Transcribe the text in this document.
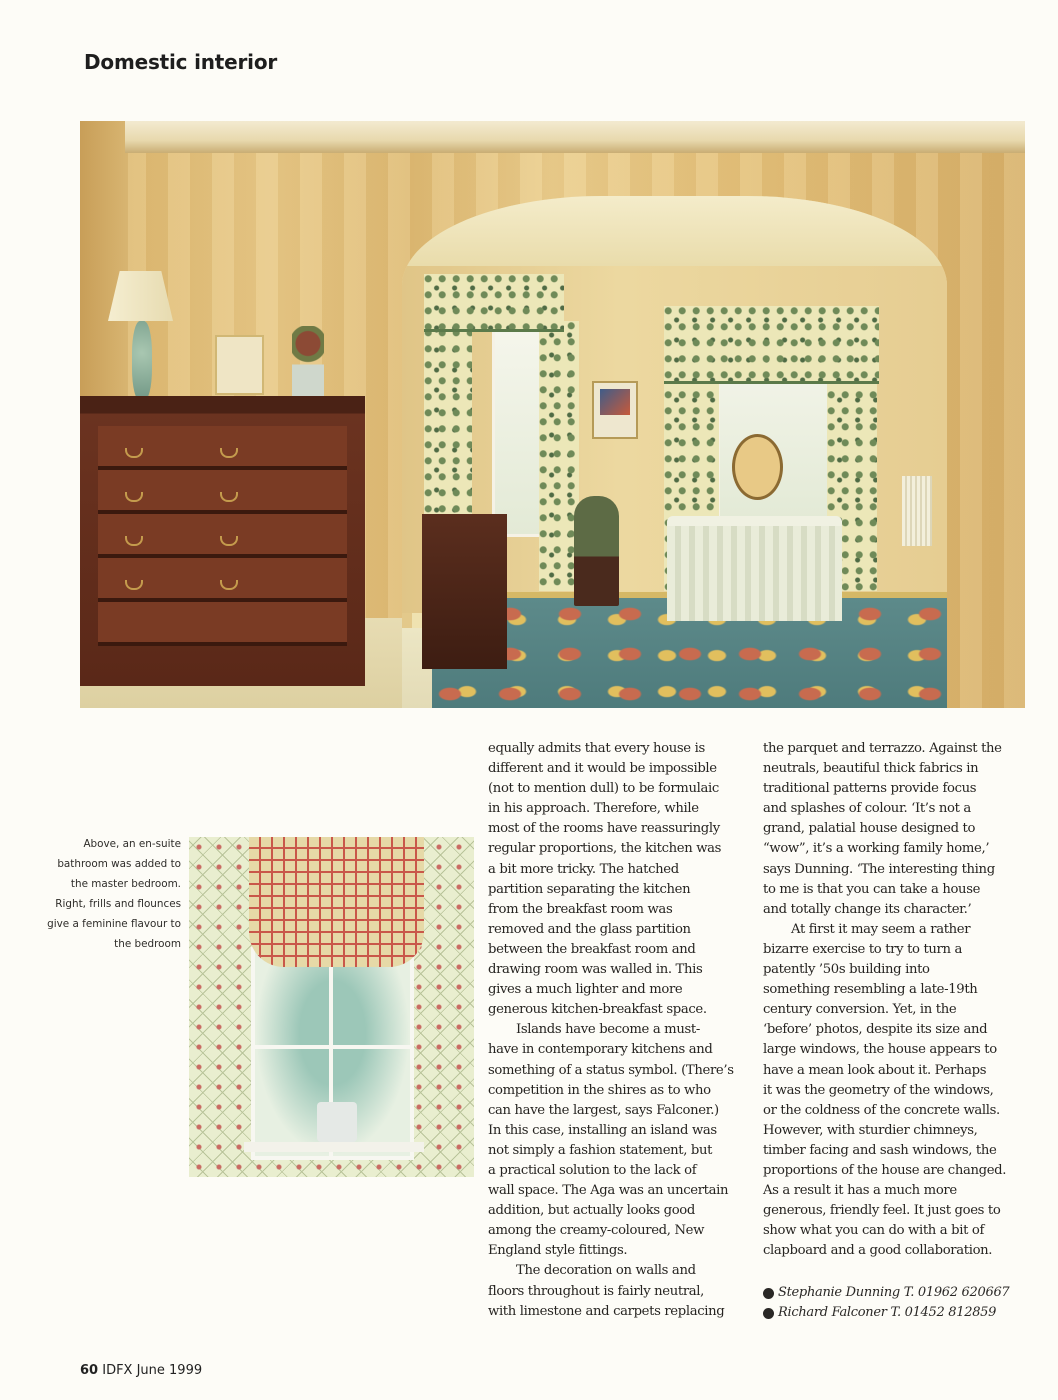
Domestic interior
Above, an en-suite
bathroom was added to
the master bedroom.
Right, frills and flounces
give a feminine flavour to
the bedroom

equally admits that every house is
different and it would be impossible
(not to mention dull) to be formulaic
in his approach. Therefore, while
most of the rooms have reassuringly
regular proportions, the kitchen was
a bit more tricky. The hatched
partition separating the kitchen
from the breakfast room was
removed and the glass partition
between the breakfast room and
drawing room was walled in. This
gives a much lighter and more
generous kitchen-breakfast space.

Islands have become a must-
have in contemporary kitchens and
something of a status symbol. (There’s
competition in the shires as to who
can have the largest, says Falconer.)
In this case, installing an island was
not simply a fashion statement, but
a practical solution to the lack of
wall space. The Aga was an uncertain
addition, but actually looks good
among the creamy-coloured, New
England style fittings.

The decoration on walls and
floors throughout is fairly neutral,
with limestone and carpets replacing

the parquet and terrazzo. Against the
neutrals, beautiful thick fabrics in
traditional patterns provide focus
and splashes of colour. ‘It’s not a
grand, palatial house designed to
“wow”, it’s a working family home,’
says Dunning. ‘The interesting thing
to me is that you can take a house
and totally change its character.’

At first it may seem a rather
bizarre exercise to try to turn a
patently ’50s building into
something resembling a late-19th
century conversion. Yet, in the
‘before’ photos, despite its size and
large windows, the house appears to
have a mean look about it. Perhaps
it was the geometry of the windows,
or the coldness of the concrete walls.
However, with sturdier chimneys,
timber facing and sash windows, the
proportions of the house are changed.
As a result it has a much more
generous, friendly feel. It just goes to
show what you can do with a bit of
clapboard and a good collaboration.

Stephanie Dunning T. 01962 620667
Richard Falconer T. 01452 812859
60 IDFX June 1999
